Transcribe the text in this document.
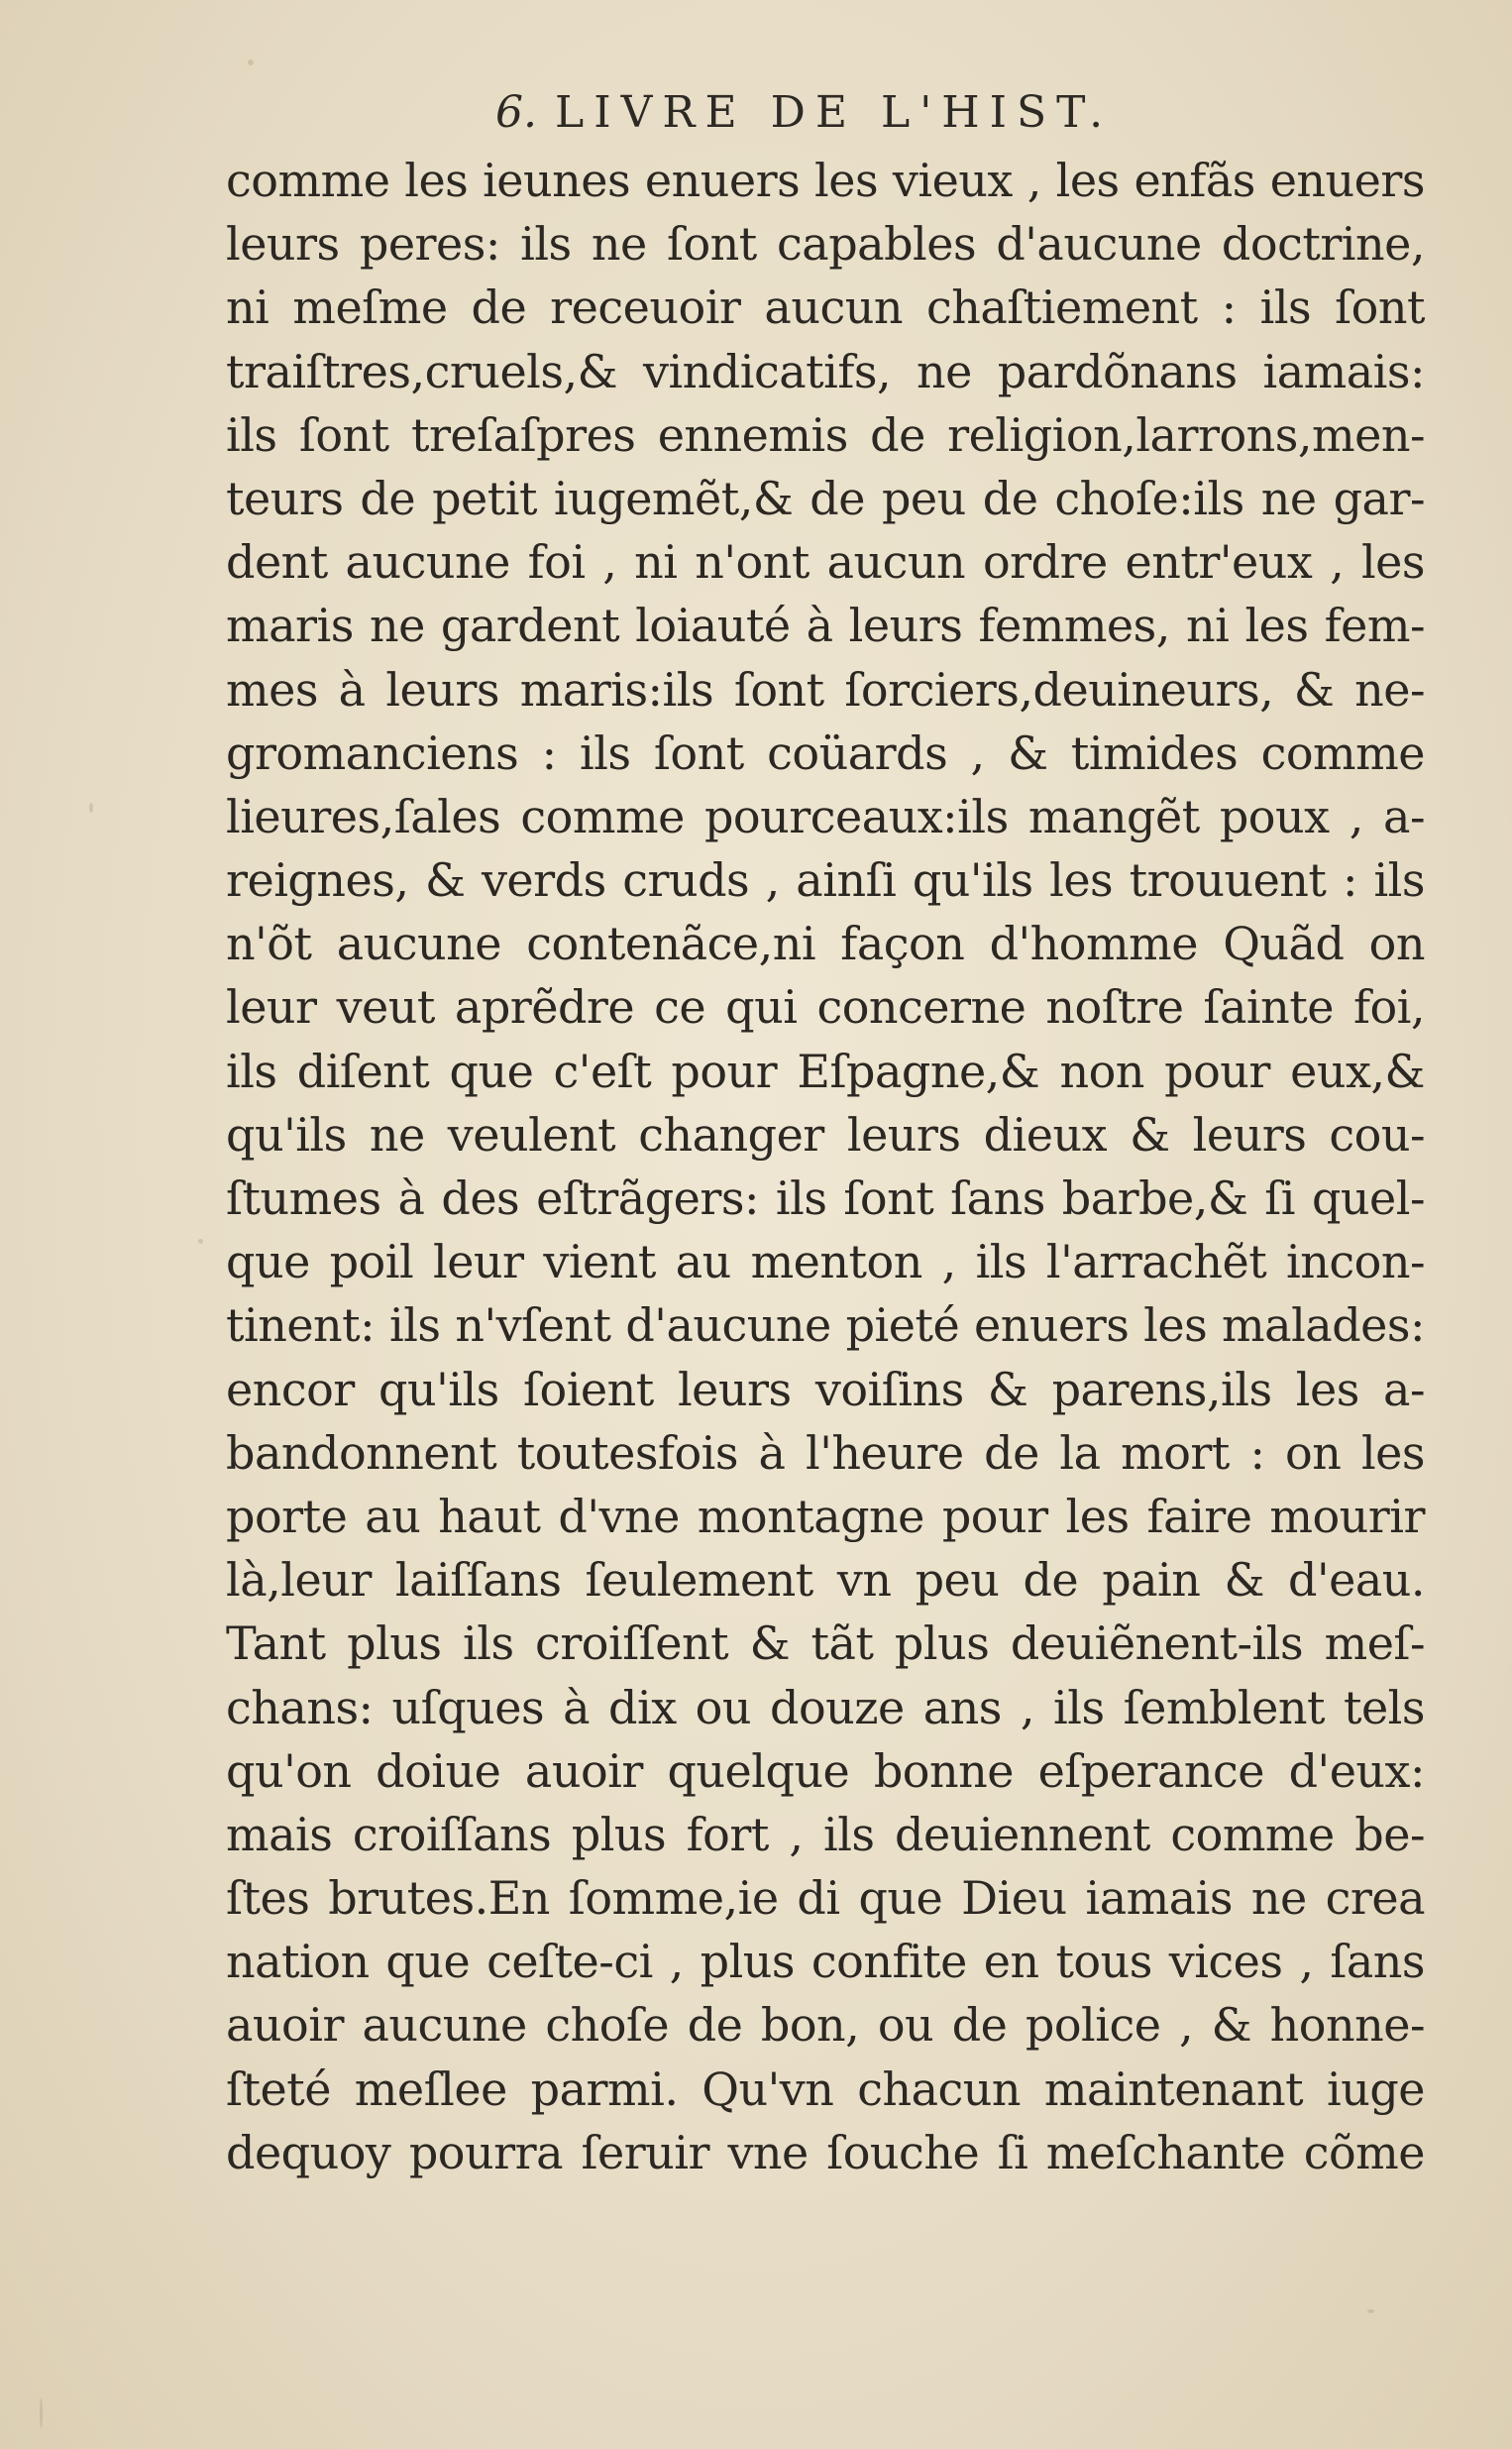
6. LIVRE DE L'HIST.
comme les ieunes enuers les vieux , les enfãs enuers
leurs peres: ils ne ſont capables d'aucune doctrine,
ni meſme de receuoir aucun chaſtiement : ils ſont
traiſtres,cruels,& vindicatifs, ne pardõnans iamais:
ils ſont treſaſpres ennemis de religion,larrons,men-
teurs de petit iugemẽt,& de peu de choſe:ils ne gar-
dent aucune foi , ni n'ont aucun ordre entr'eux , les
maris ne gardent loiauté à leurs femmes, ni les fem-
mes à leurs maris:ils ſont ſorciers,deuineurs, & ne-
gromanciens : ils ſont coüards , & timides comme
lieures,ſales comme pourceaux:ils mangẽt poux , a-
reignes, & verds cruds , ainſi qu'ils les trouuent : ils
n'õt aucune contenãce,ni façon d'homme Quãd on
leur veut aprẽdre ce qui concerne noſtre ſainte foi,
ils diſent que c'eſt pour Eſpagne,& non pour eux,&
qu'ils ne veulent changer leurs dieux & leurs cou-
ſtumes à des eſtrãgers: ils ſont ſans barbe,& ſi quel-
que poil leur vient au menton , ils l'arrachẽt incon-
tinent: ils n'vſent d'aucune pieté enuers les malades:
encor qu'ils ſoient leurs voiſins & parens,ils les a-
bandonnent toutesfois à l'heure de la mort : on les
porte au haut d'vne montagne pour les faire mourir
là,leur laiſſans ſeulement vn peu de pain & d'eau.
Tant plus ils croiſſent & tãt plus deuiẽnent-ils meſ-
chans: uſques à dix ou douze ans , ils ſemblent tels
qu'on doiue auoir quelque bonne eſperance d'eux:
mais croiſſans plus fort , ils deuiennent comme be-
ſtes brutes.En ſomme,ie di que Dieu iamais ne crea
nation que ceſte-ci , plus confite en tous vices , ſans
auoir aucune choſe de bon, ou de police , & honne-
ſteté meſlee parmi. Qu'vn chacun maintenant iuge
dequoy pourra ſeruir vne ſouche ſi meſchante cõme
